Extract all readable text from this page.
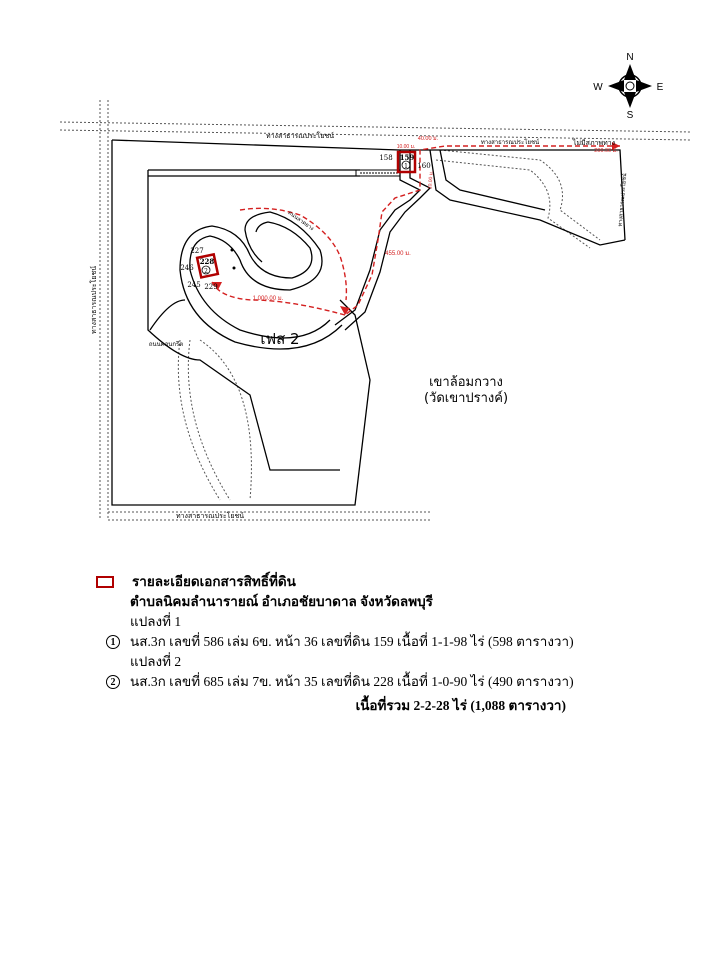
N
S
E
W
1
159
158
160
2
228
227
246
245 229
ทางสาธารณประโยชน์
ทางสาธารณประโยชน์
ทางสาธารณประโยชน์
ทางสาธารณประโยชน์
ถนนคอนกรีต
ถนนลาดยาง	ทางสาธารณประโยชน์
ไม่มีสภาพทาง
40.00 ม.
200.00 ม.
10.00 ม.
455.00 ม.
1,000.00 ม.
10.00 ม.
เฟส 2
เขาล้อมกวาง
(วัดเขาปรางค์)
รายละเอียดเอกสารสิทธิ์ที่ดิน
ตำบลนิคมลำนารายณ์ อำเภอชัยบาดาล จังหวัดลพบุรี
แปลงที่ 1
1	นส.3ก เลขที่ 586 เล่ม 6ข. หน้า 36 เลขที่ดิน 159 เนื้อที่ 1-1-98 ไร่ (598 ตารางวา)
แปลงที่ 2
2	นส.3ก เลขที่ 685 เล่ม 7ข. หน้า 35 เลขที่ดิน 228 เนื้อที่ 1-0-90 ไร่ (490 ตารางวา)
เนื้อที่รวม 2-2-28 ไร่ (1,088 ตารางวา)
